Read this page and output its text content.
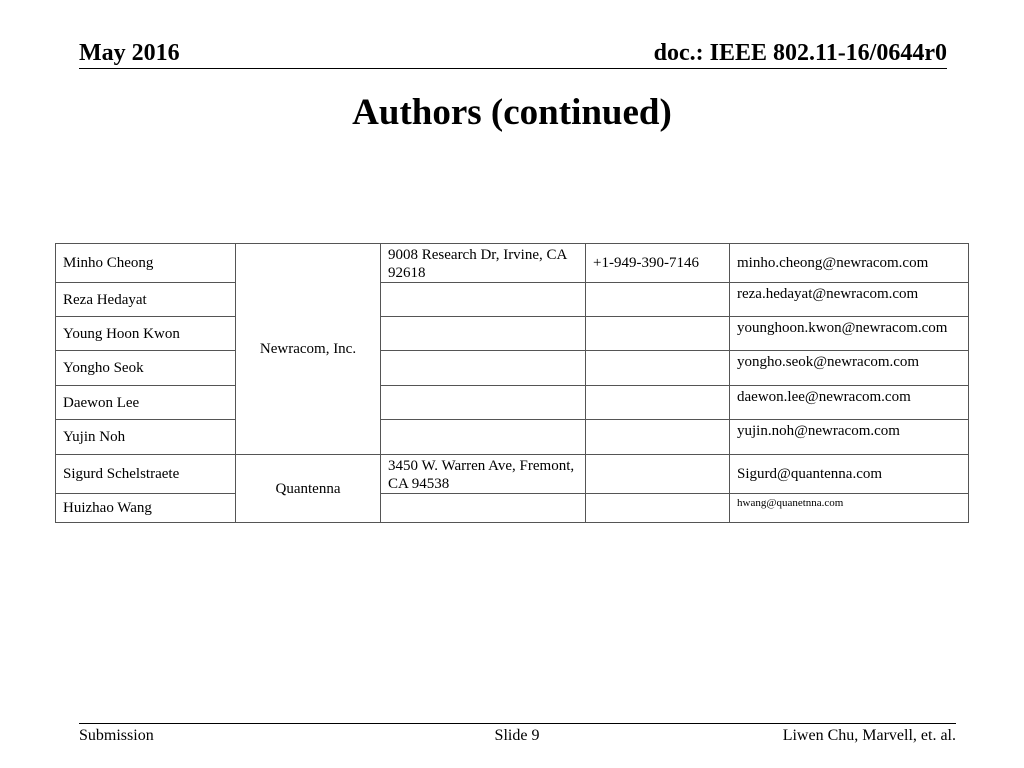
May 2016	doc.: IEEE 802.11-16/0644r0
Authors (continued)
Minho Cheong	Newracom, Inc.	9008 Research Dr, Irvine, CA 92618	+1-949-390-7146	minho.cheong@newracom.com
Reza Hedayat				reza.hedayat@newracom.com
Young Hoon Kwon				younghoon.kwon@newracom.com
Yongho Seok				yongho.seok@newracom.com
Daewon Lee				daewon.lee@newracom.com
Yujin Noh				yujin.noh@newracom.com
Sigurd Schelstraete	Quantenna	3450 W. Warren Ave, Fremont, CA 94538		Sigurd@quantenna.com
Huizhao Wang				hwang@quanetnna.com
Submission	Slide 9	Liwen Chu, Marvell, et. al.
